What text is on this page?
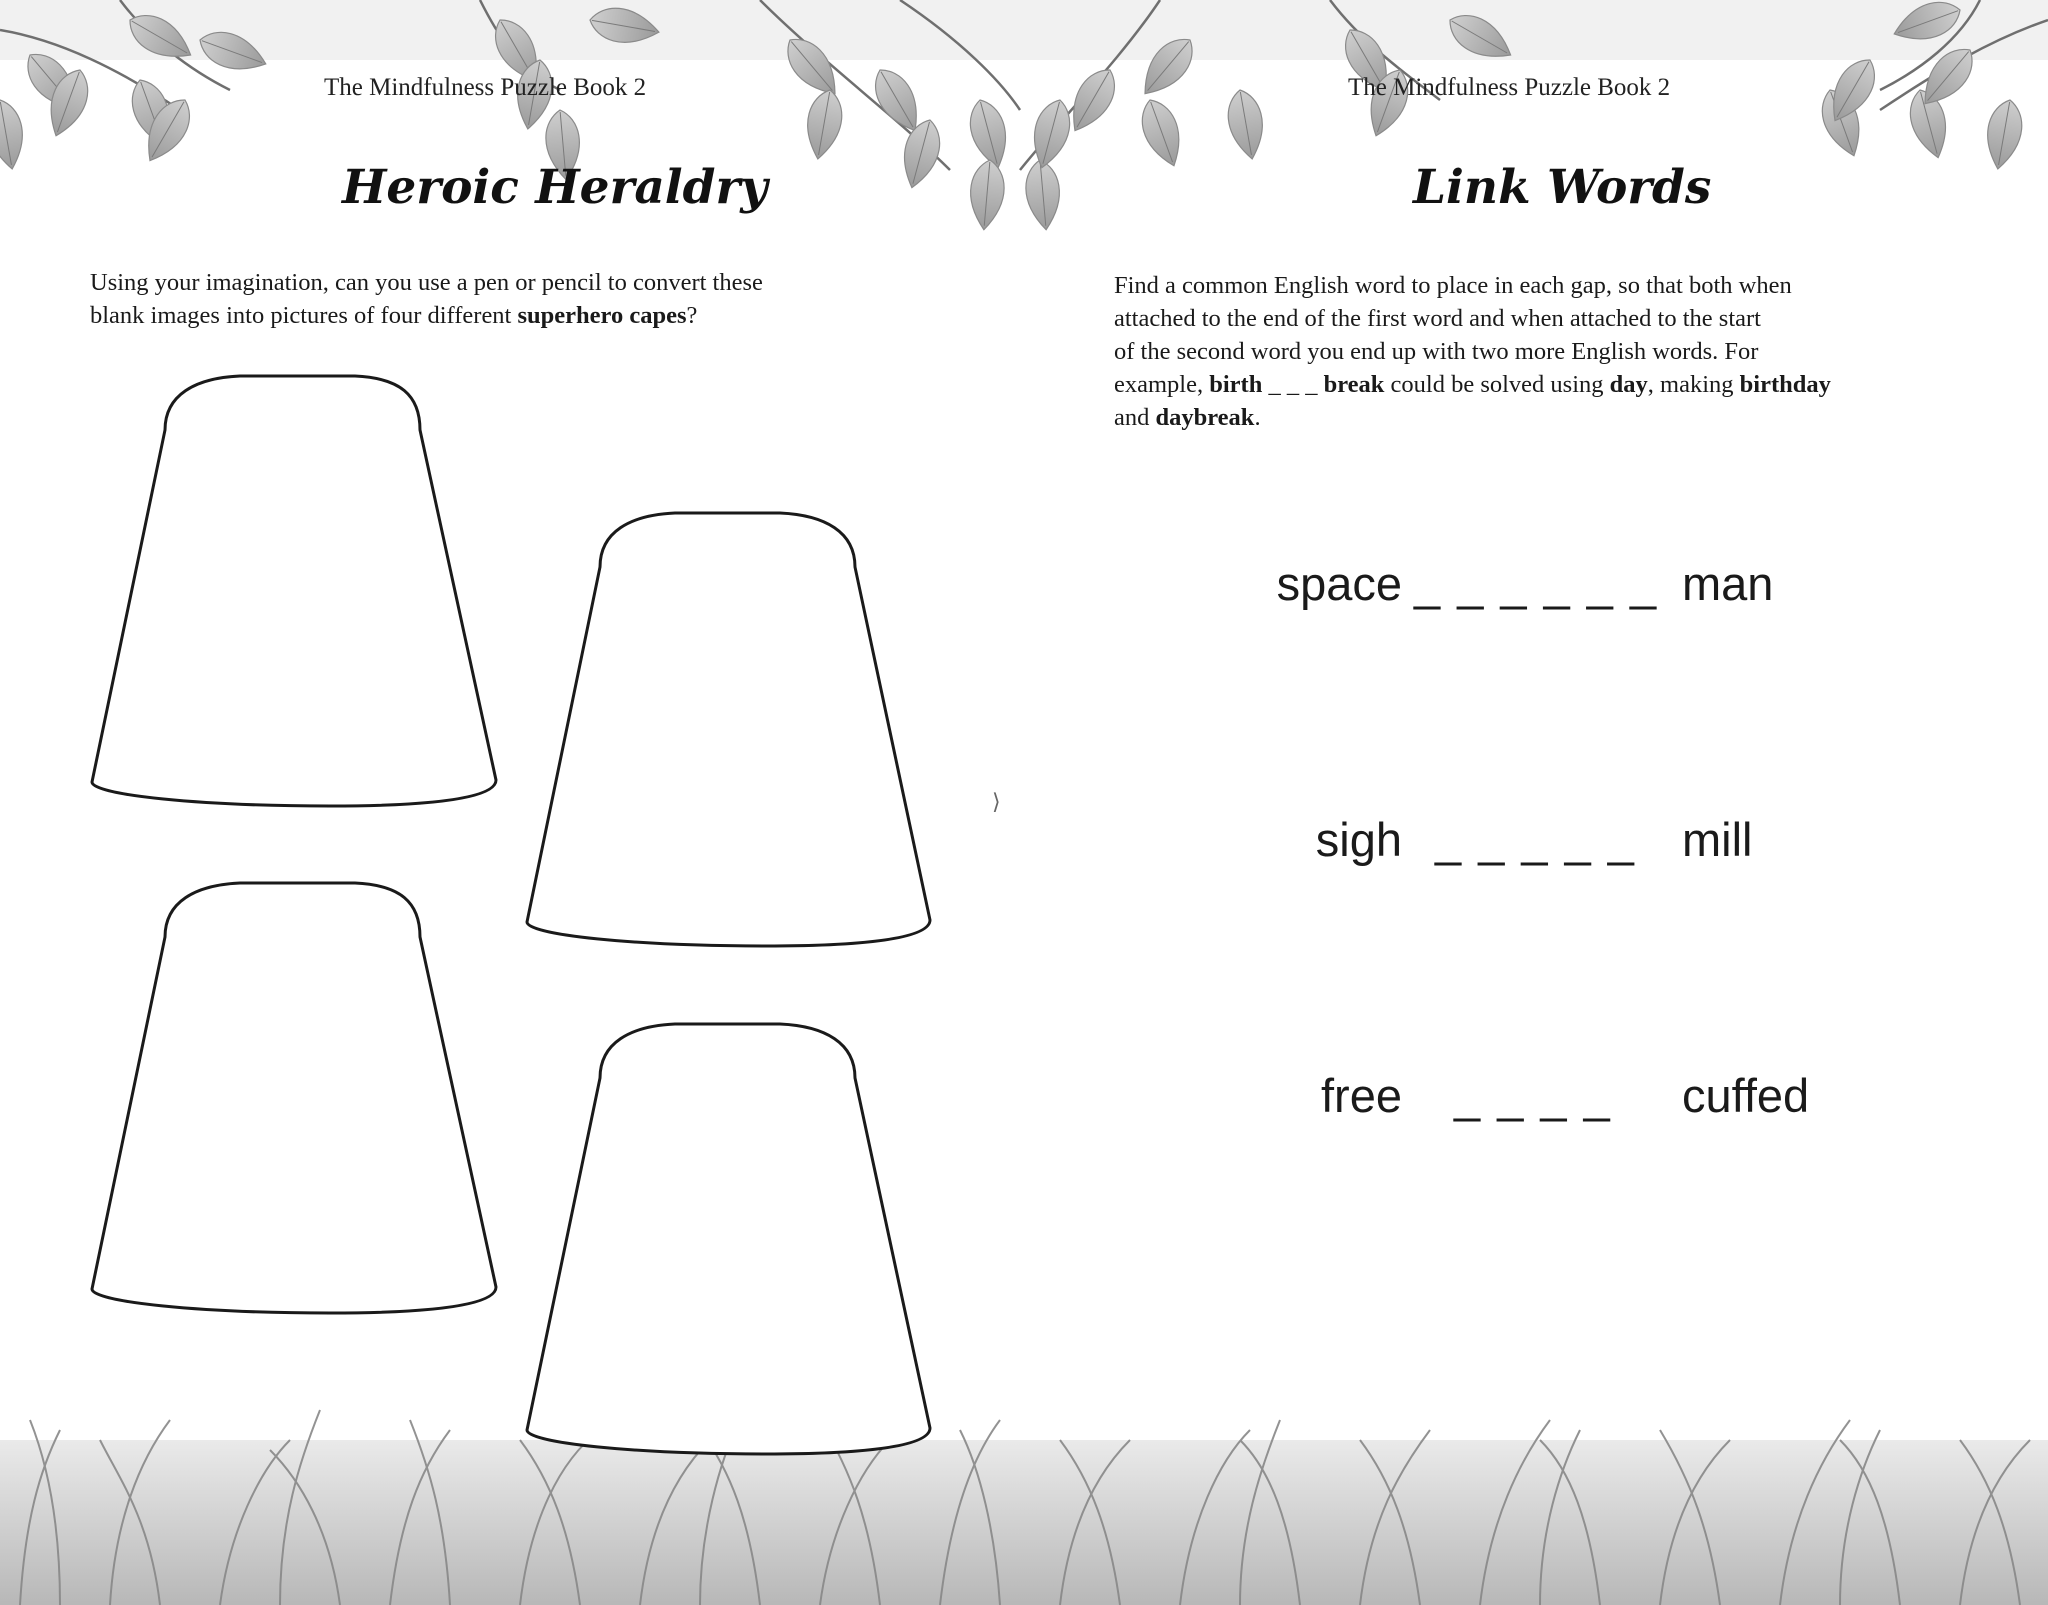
The Mindfulness Puzzle Book 2
Heroic Heraldry
Using your imagination, can you use a pen or pencil to convert these
blank images into pictures of four different superhero capes?
⟩
The Mindfulness Puzzle Book 2
Link Words
Find a common English word to place in each gap, so that both when
attached to the end of the first word and when attached to the start
of the second word you end up with two more English words. For
example, birth _ _ _ break could be solved using day, making birthday
and daybreak.
space _ _ _ _ _ _ man
sigh _ _ _ _ _ mill
free _ _ _ _ cuffed
